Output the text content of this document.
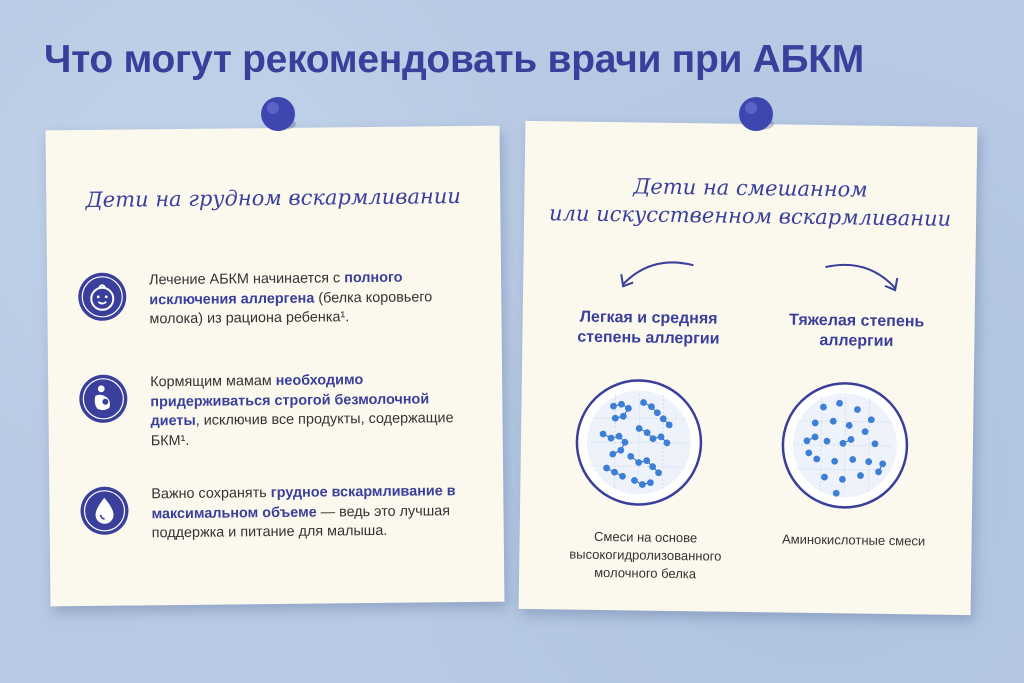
Что могут рекомендовать врачи при АБКМ

Дети на грудном вскармливании

Лечение АБКМ начинается с полного исключения аллергена (белка коровьего молока) из рациона ребенка¹.
Кормящим мамам необходимо придерживаться строгой безмолочной диеты, исключив все продукты, содержащие БКМ¹.
Важно сохранять грудное вскармливание в максимальном объеме — ведь это лучшая поддержка и питание для малыша.

Дети на смешанном

или искусственном вскармливании

Легкая и средняя степень аллергии
Тяжелая степень аллергии
Смеси на основе высокогидролизованного молочного белка
Аминокислотные смеси
